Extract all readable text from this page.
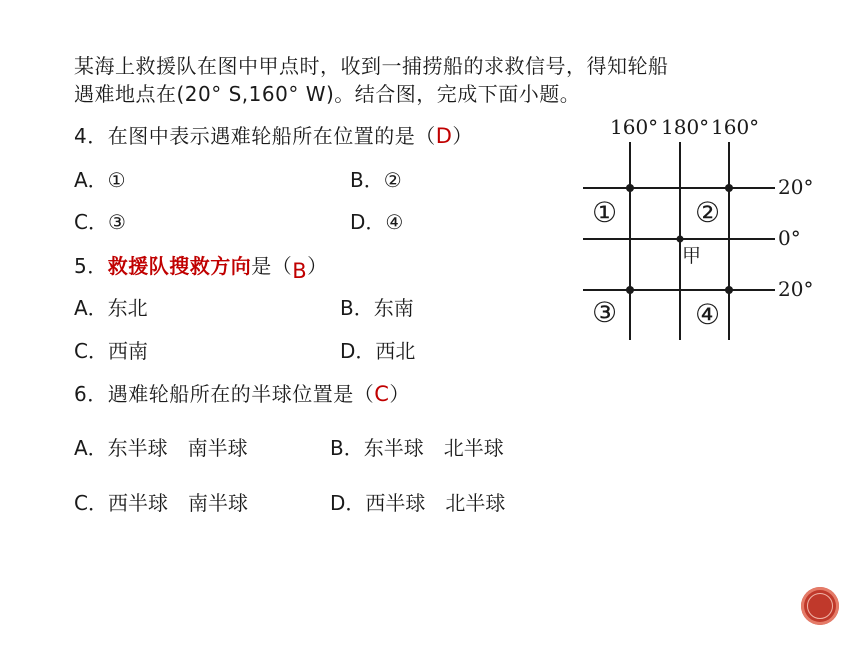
某海上救援队在图中甲点时，收到一捕捞船的求救信号，得知轮船
遇难地点在(20° S,160° W)。结合图，完成下面小题。
4．在图中表示遇难轮船所在位置的是（D）
A．①	B．②
C．③	D．④
5．救援队搜救方向是（B）
A．东北	B．东南
C．西南	D．西北
6．遇难轮船所在的半球位置是（C）
A．东半球　南半球	B．东半球　北半球
C．西半球　南半球	D．西半球　北半球
160° 180° 160°
20°
0°
20°
①	②
③	④
甲
